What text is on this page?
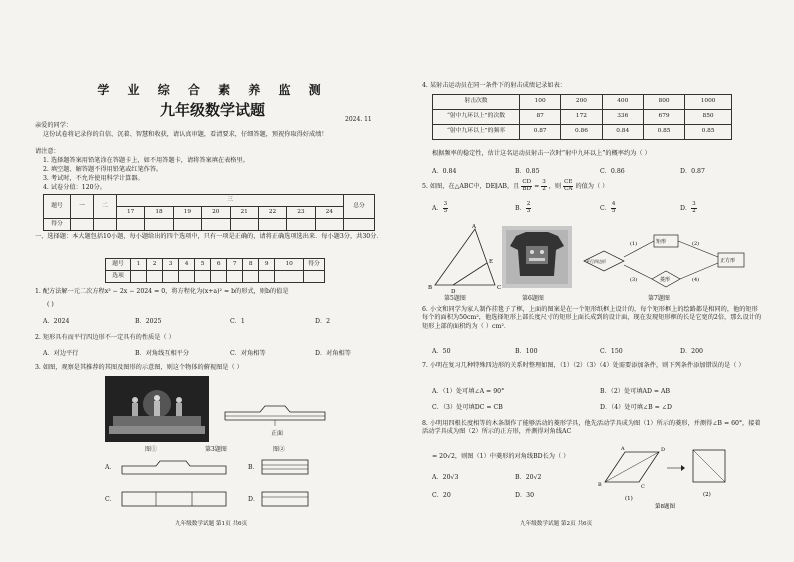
学 业 综 合 素 养 监 测
九年级数学试题
2024. 11
亲爱的同学：
这份试卷将记录你的自信、沉着、智慧和收获，请认真审题，看清要求，仔细答题，预祝你取得好成绩！
请注意：
1. 选择题答案用铅笔涂在答题卡上，如不用答题卡，请将答案填在表格里。
2. 填空题、解答题不得用铅笔或红笔作答。
3. 考试时，不允许使用科学计算器。
4. 试卷分值：120分。
题号	一	二	三								总分
			17	18	19	20	21	22	23	24	
得分											
一、选择题：本大题包括10小题，每小题给出的四个选项中，只有一项是正确的，请将正确选项选出来．每小题3分，共30分．
题号	1	2	3	4	5	6	7	8	9	10	得分
选项											
1. 配方法解一元二次方程x² − 2x − 2024 = 0，将方程化为(x+a)² = b的形式，则b的值是
( )
A．2024	B．2025	C．1	D．2
2. 矩形具有而平行四边形不一定具有的性质是（ ）
A．对边平行	B．对角线互相平分	C．对角相等	D．对角相等
3. 如图，观察是其推荐的其图及图形的示意图，则这个物体的俯视图是（ ）
图①	第3题图
正面
图②
A．	B．
C．	D．
九年级数学试题 第1页 共6页
4. 某射击运动员在同一条件下的射击成绩记录如表：
射击次数	100	200	400	800	1000
“射中九环以上”的次数	87	172	336	679	850
“射中九环以上”的频率	0.87	0.86	0.84	0.85	0.85
根据频率的稳定性，估计这名运动员射击一次时“射中九环以上”的概率约为（ ）
A．0.84	B．0.85	C．0.86	D．0.87
5. 如图，在△ABC中，DE∥AB，且 $\frac{CD}{BD} = \frac{3}{2}$ ，则 $\frac{CE}{CA}$ 的值为（ ）
A． $\frac{3}{5}$	B． $\frac{2}{3}$	C． $\frac{4}{5}$	D． $\frac{3}{2}$
A
C
E
B
D
第5题图	第6题图
(1)	(2)
(3)	(4)
矩形
平行四边形
菱形
正方形
第7题图
6. 小文和同学为家人制作挂毯子了框，上面的图案是在一个矩形纸框上设计的，每个矩形框上的绘路都是相同的，他的矩形每个的面积为50cm²，他选择矩形上部长度尺寸的矩形上面长成到的设计面，现在发现矩形框的长是它宽的2倍，那么设计的矩形上部的面积约为（ ）cm²．
A．50	B．100	C．150	D．200
7. 小明在复习几种特殊四边形的关系时整理如图，（1）（2）（3）（4）处需要添加条件，则下列条件添加错误的是（ ）
A．（1）处可填∠A = 90°	B．（2）处可填AD = AB
C．（3）处可填DC = CB	D．（4）处可填∠B = ∠D
8. 小明用四根长度相等的木条制作了能够活动的菱形学具，他先活动学具成为图（1）所示的菱形，并测得∠B = 60°，接着活动学具成为图（2）所示的正方形，并测得对角线AC
= 20√2，则图（1）中菱形的对角线BD长为（ ）
A．20√3	B．20√2
C．20	D．30
B
A	D
C
(1)
(2)
第8题图
九年级数学试题 第2页 共6页
